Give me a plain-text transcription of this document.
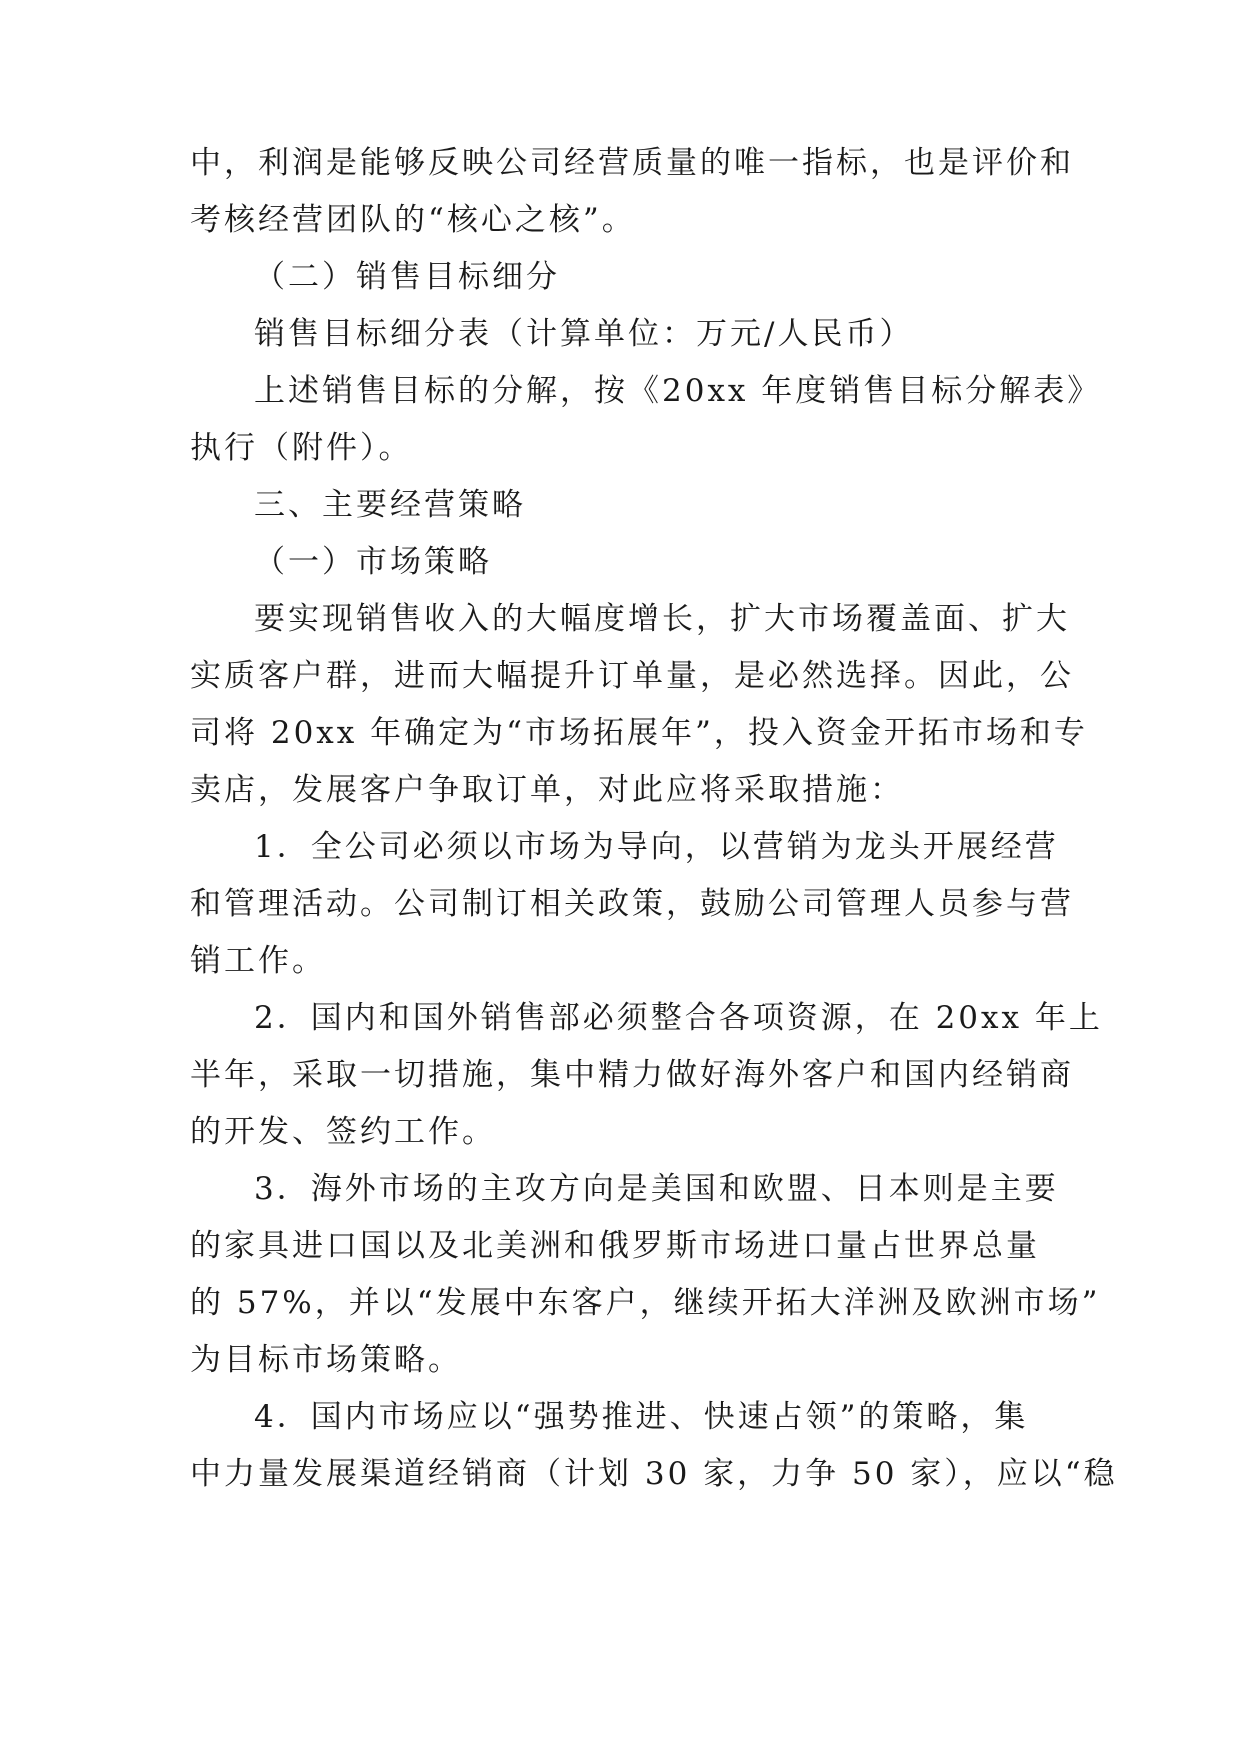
中，利润是能够反映公司经营质量的唯一指标，也是评价和
考核经营团队的“核心之核”。
（二）销售目标细分
销售目标细分表（计算单位：万元/人民币）
上述销售目标的分解，按《20xx 年度销售目标分解表》
执行（附件）。
三、主要经营策略
（一）市场策略
要实现销售收入的大幅度增长，扩大市场覆盖面、扩大
实质客户群，进而大幅提升订单量，是必然选择。因此，公
司将 20xx 年确定为“市场拓展年”，投入资金开拓市场和专
卖店，发展客户争取订单，对此应将采取措施：
1．全公司必须以市场为导向，以营销为龙头开展经营
和管理活动。公司制订相关政策，鼓励公司管理人员参与营
销工作。
2．国内和国外销售部必须整合各项资源，在 20xx 年上
半年，采取一切措施，集中精力做好海外客户和国内经销商
的开发、签约工作。
3．海外市场的主攻方向是美国和欧盟、日本则是主要
的家具进口国以及北美洲和俄罗斯市场进口量占世界总量
的 57%，并以“发展中东客户，继续开拓大洋洲及欧洲市场”
为目标市场策略。
4．国内市场应以“强势推进、快速占领”的策略，集
中力量发展渠道经销商（计划 30 家，力争 50 家），应以“稳
